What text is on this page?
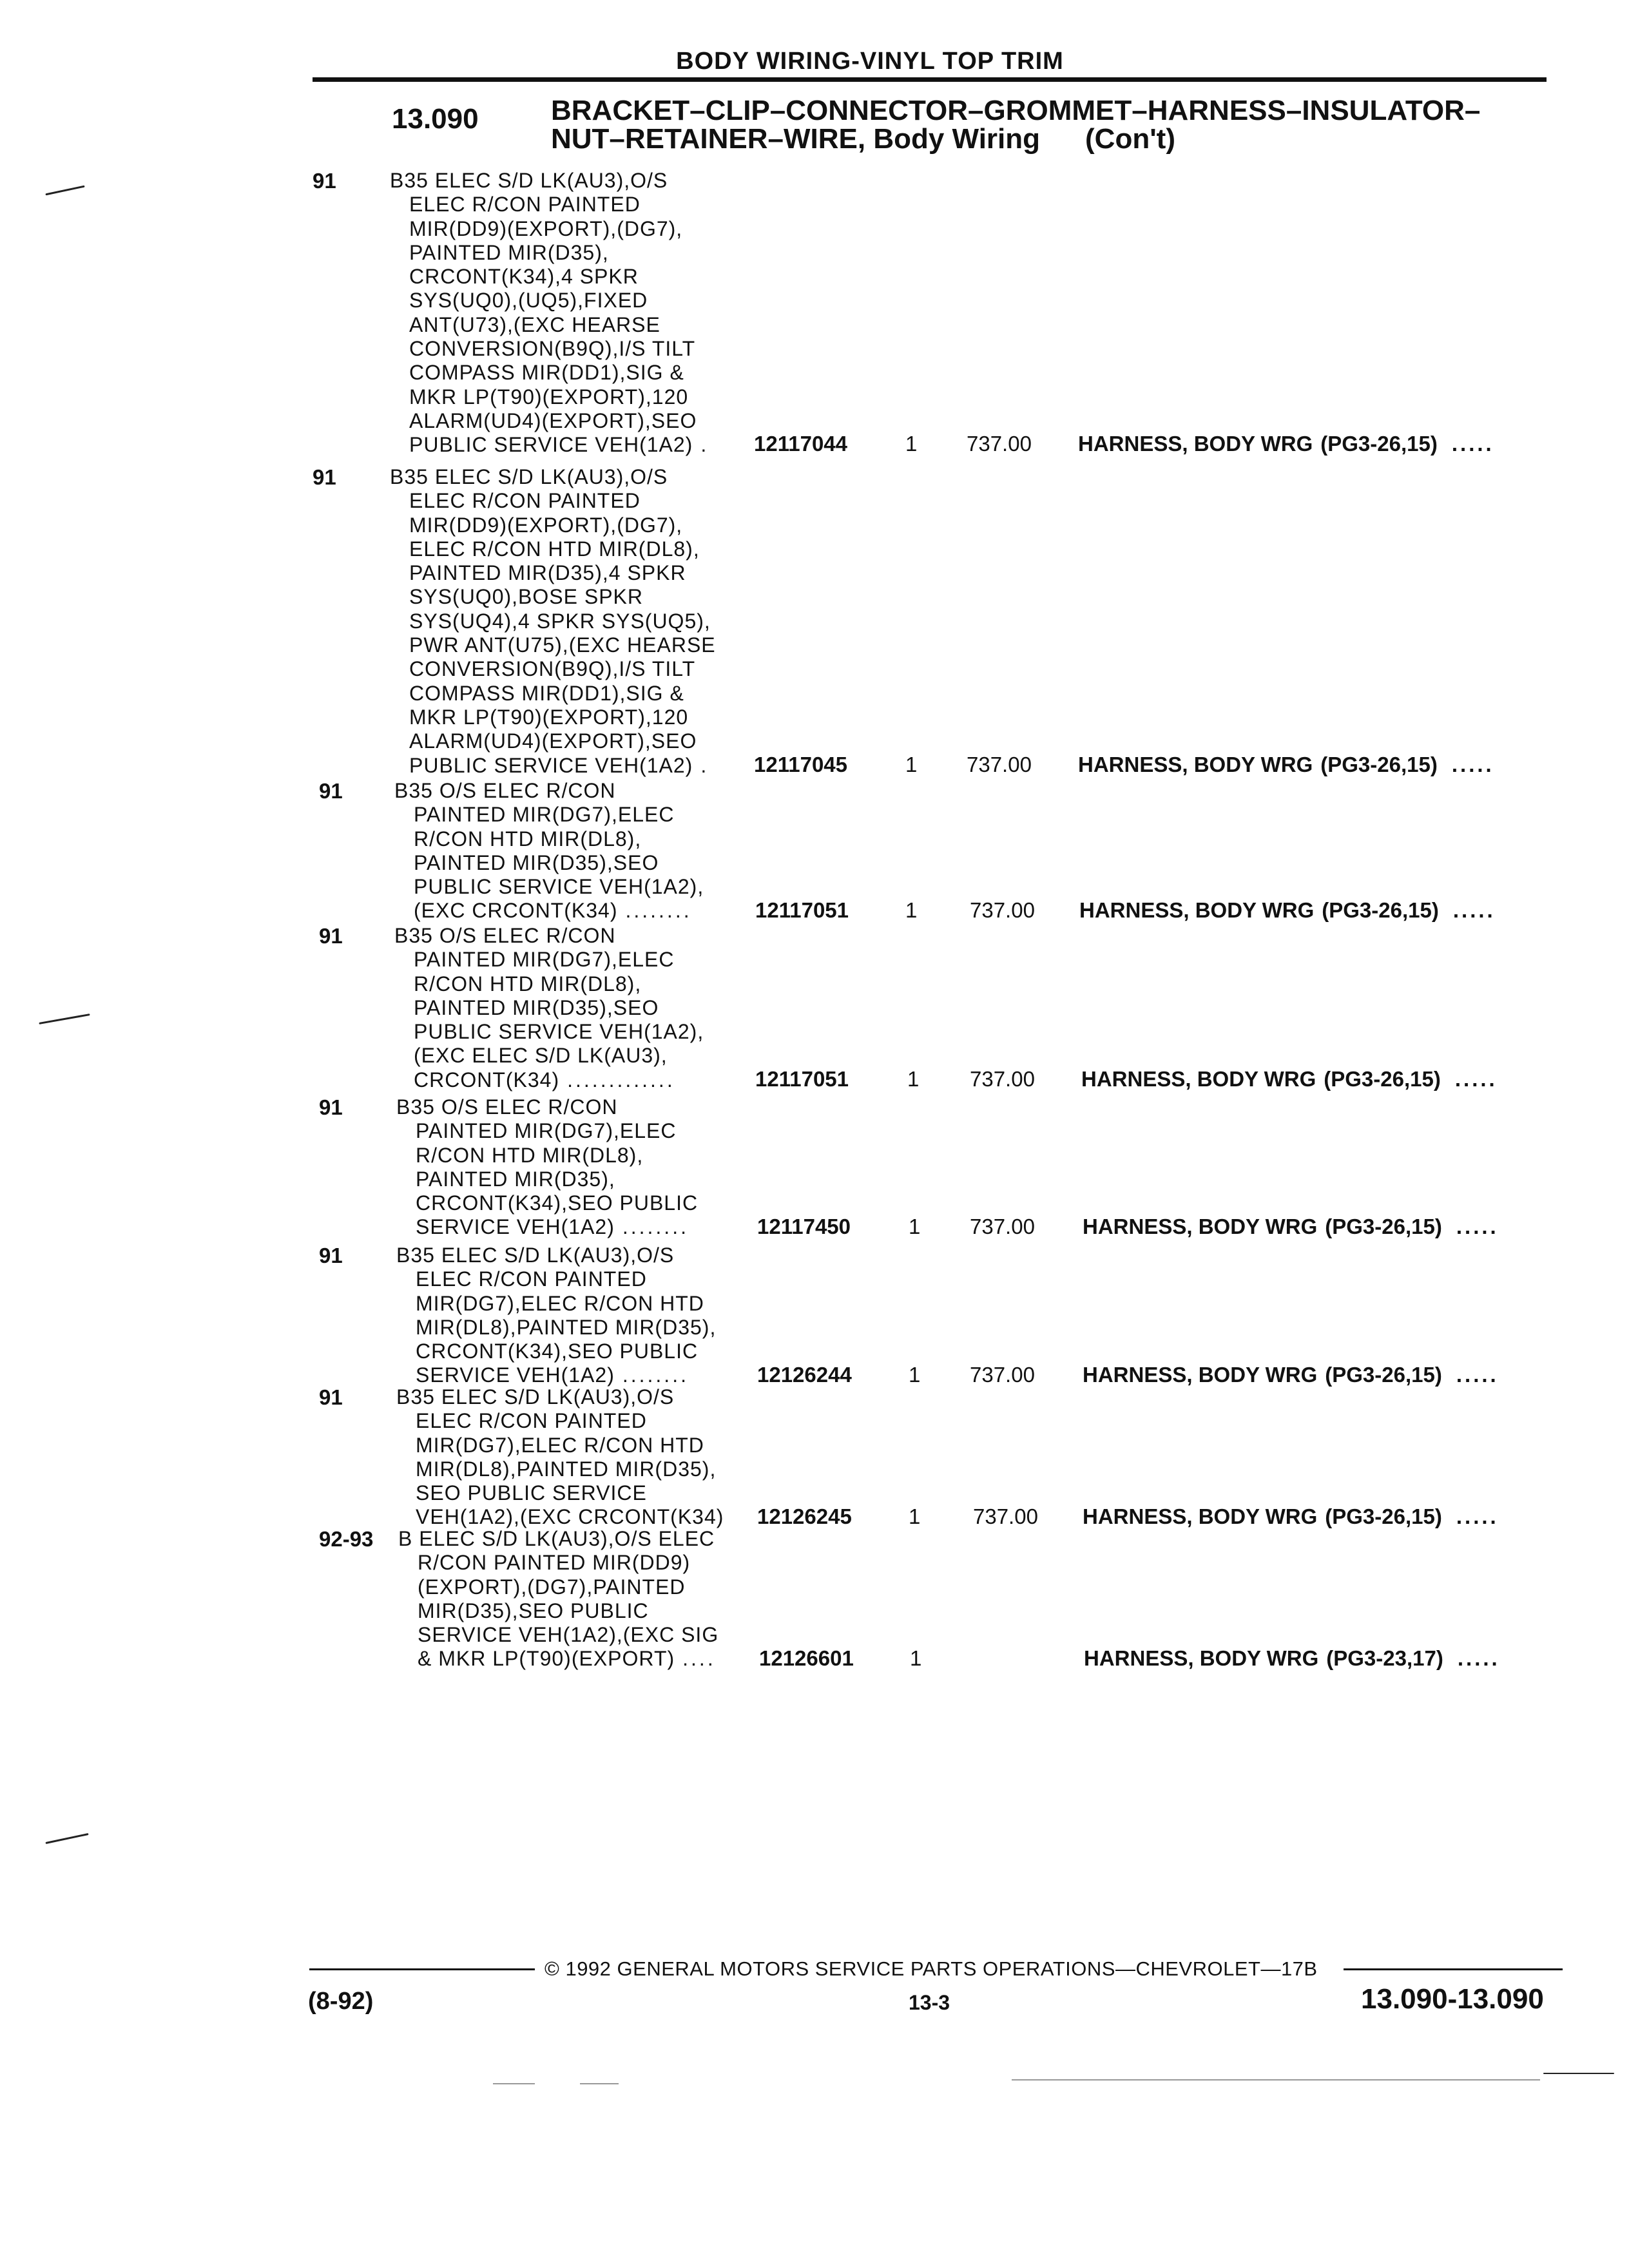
BODY WIRING-VINYL TOP TRIM
13.090	BRACKET–CLIP–CONNECTOR–GROMMET–HARNESS–INSULATOR–
NUT–RETAINER–WIRE, Body Wiring (Con't)
91	B35 ELEC S/D LK(AU3),O/S
ELEC R/CON PAINTED
MIR(DD9)(EXPORT),(DG7),
PAINTED MIR(D35),
CRCONT(K34),4 SPKR
SYS(UQ0),(UQ5),FIXED
ANT(U73),(EXC HEARSE
CONVERSION(B9Q),I/S TILT
COMPASS MIR(DD1),SIG &
MKR LP(T90)(EXPORT),120
ALARM(UD4)(EXPORT),SEO
PUBLIC SERVICE VEH(1A2) . 12117044	1 737.00 HARNESS, BODY WRG (PG3-26,15) .....
91	B35 ELEC S/D LK(AU3),O/S
ELEC R/CON PAINTED
MIR(DD9)(EXPORT),(DG7),
ELEC R/CON HTD MIR(DL8),
PAINTED MIR(D35),4 SPKR
SYS(UQ0),BOSE SPKR
SYS(UQ4),4 SPKR SYS(UQ5),
PWR ANT(U75),(EXC HEARSE
CONVERSION(B9Q),I/S TILT
COMPASS MIR(DD1),SIG &
MKR LP(T90)(EXPORT),120
ALARM(UD4)(EXPORT),SEO
PUBLIC SERVICE VEH(1A2) .	12117045	1 737.00 HARNESS, BODY WRG (PG3-26,15) .....
91	B35 O/S ELEC R/CON
PAINTED MIR(DG7),ELEC
R/CON HTD MIR(DL8),
PAINTED MIR(D35),SEO
PUBLIC SERVICE VEH(1A2),
(EXC CRCONT(K34) ........	12117051	1 737.00 HARNESS, BODY WRG (PG3-26,15) .....
91	B35 O/S ELEC R/CON
PAINTED MIR(DG7),ELEC
R/CON HTD MIR(DL8),
PAINTED MIR(D35),SEO
PUBLIC SERVICE VEH(1A2),
(EXC ELEC S/D LK(AU3),
CRCONT(K34) .............	12117051	1 737.00 HARNESS, BODY WRG (PG3-26,15) .....
91	B35 O/S ELEC R/CON
PAINTED MIR(DG7),ELEC
R/CON HTD MIR(DL8),
PAINTED MIR(D35),
CRCONT(K34),SEO PUBLIC
SERVICE VEH(1A2) ........	12117450	1 737.00 HARNESS, BODY WRG (PG3-26,15) .....
91	B35 ELEC S/D LK(AU3),O/S
ELEC R/CON PAINTED
MIR(DG7),ELEC R/CON HTD
MIR(DL8),PAINTED MIR(D35),
CRCONT(K34),SEO PUBLIC
SERVICE VEH(1A2) ........	12126244	1 737.00 HARNESS, BODY WRG (PG3-26,15) .....
91	B35 ELEC S/D LK(AU3),O/S
ELEC R/CON PAINTED
MIR(DG7),ELEC R/CON HTD
MIR(DL8),PAINTED MIR(D35),
SEO PUBLIC SERVICE
VEH(1A2),(EXC CRCONT(K34) 12126245	1 737.00 HARNESS, BODY WRG (PG3-26,15) .....
92-93 B ELEC S/D LK(AU3),O/S ELEC
R/CON PAINTED MIR(DD9)
(EXPORT),(DG7),PAINTED
MIR(D35),SEO PUBLIC
SERVICE VEH(1A2),(EXC SIG
& MKR LP(T90)(EXPORT) .... 12126601	1	HARNESS, BODY WRG (PG3-23,17) .....
© 1992 GENERAL MOTORS SERVICE PARTS OPERATIONS—CHEVROLET—17B
(8-92)	13-3	13.090-13.090
